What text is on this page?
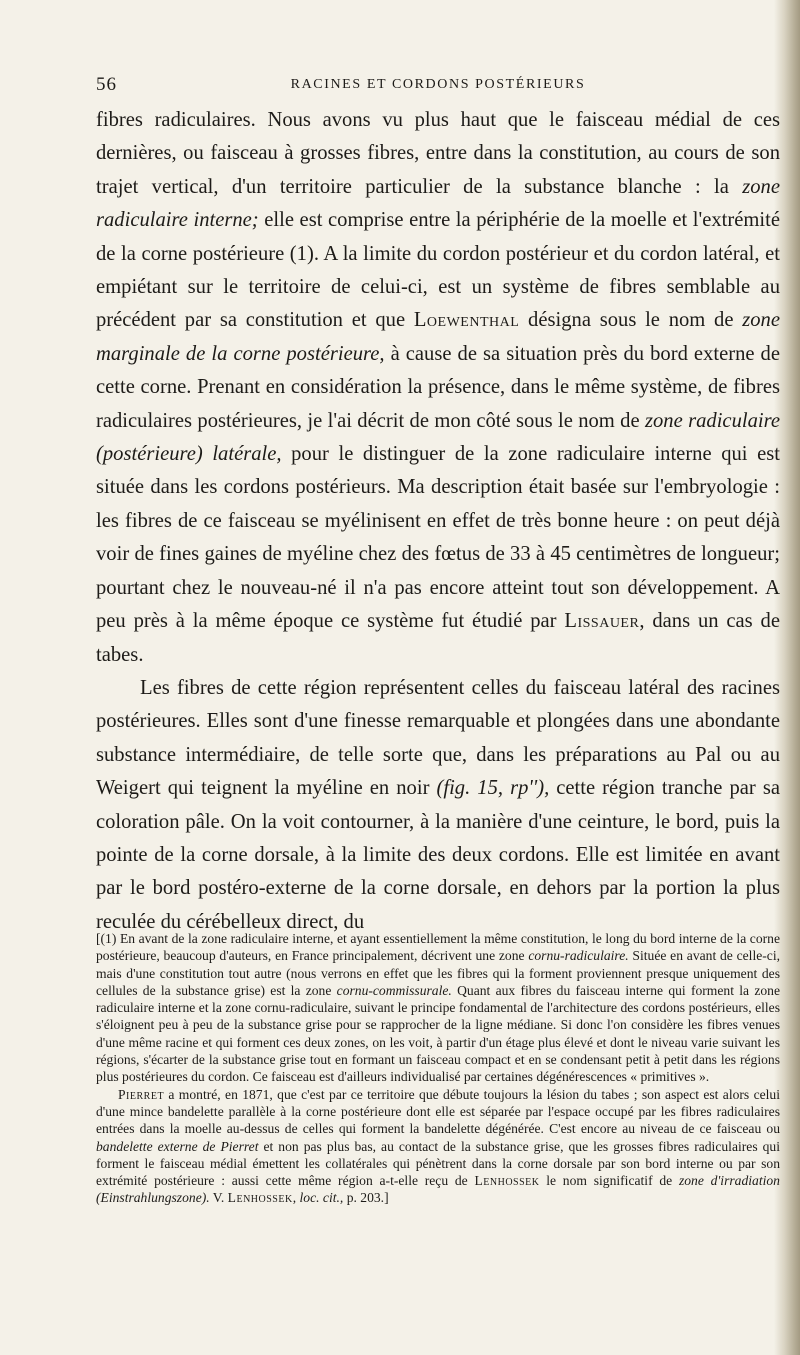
56	RACINES ET CORDONS POSTÉRIEURS

fibres radiculaires. Nous avons vu plus haut que le faisceau médial de ces dernières, ou faisceau à grosses fibres, entre dans la constitution, au cours de son trajet vertical, d'un territoire particulier de la substance blanche : la zone radiculaire interne; elle est comprise entre la périphérie de la moelle et l'extrémité de la corne postérieure (1). A la limite du cordon postérieur et du cordon latéral, et empiétant sur le territoire de celui-ci, est un système de fibres semblable au précédent par sa constitution et que Loewenthal désigna sous le nom de zone marginale de la corne postérieure, à cause de sa situation près du bord externe de cette corne. Prenant en considération la présence, dans le même système, de fibres radiculaires postérieures, je l'ai décrit de mon côté sous le nom de zone radiculaire (postérieure) latérale, pour le distinguer de la zone radiculaire interne qui est située dans les cordons postérieurs. Ma description était basée sur l'embryologie : les fibres de ce faisceau se myélinisent en effet de très bonne heure : on peut déjà voir de fines gaines de myéline chez des fœtus de 33 à 45 centimètres de longueur; pourtant chez le nouveau-né il n'a pas encore atteint tout son développement. A peu près à la même époque ce système fut étudié par Lissauer, dans un cas de tabes.

Les fibres de cette région représentent celles du faisceau latéral des racines postérieures. Elles sont d'une finesse remarquable et plongées dans une abondante substance intermédiaire, de telle sorte que, dans les préparations au Pal ou au Weigert qui teignent la myéline en noir (fig. 15, rp''), cette région tranche par sa coloration pâle. On la voit contourner, à la manière d'une ceinture, le bord, puis la pointe de la corne dorsale, à la limite des deux cordons. Elle est limitée en avant par le bord postéro-externe de la corne dorsale, en dehors par la portion la plus reculée du cérébelleux direct, du

[(1) En avant de la zone radiculaire interne, et ayant essentiellement la même constitution, le long du bord interne de la corne postérieure, beaucoup d'auteurs, en France principalement, décrivent une zone cornu-radiculaire. Située en avant de celle-ci, mais d'une constitution tout autre (nous verrons en effet que les fibres qui la forment proviennent presque uniquement des cellules de la substance grise) est la zone cornu-commissurale. Quant aux fibres du faisceau interne qui forment la zone radiculaire interne et la zone cornu-radiculaire, suivant le principe fondamental de l'architecture des cordons postérieurs, elles s'éloignent peu à peu de la substance grise pour se rapprocher de la ligne médiane. Si donc l'on considère les fibres venues d'une même racine et qui forment ces deux zones, on les voit, à partir d'un étage plus élevé et dont le niveau varie suivant les régions, s'écarter de la substance grise tout en formant un faisceau compact et en se condensant petit à petit dans les régions plus postérieures du cordon. Ce faisceau est d'ailleurs individualisé par certaines dégénérescences « primitives ».

Pierret a montré, en 1871, que c'est par ce territoire que débute toujours la lésion du tabes ; son aspect est alors celui d'une mince bandelette parallèle à la corne postérieure dont elle est séparée par l'espace occupé par les fibres radiculaires entrées dans la moelle au-dessus de celles qui forment la bandelette dégénérée. C'est encore au niveau de ce faisceau ou bandelette externe de Pierret et non pas plus bas, au contact de la substance grise, que les grosses fibres radiculaires qui forment le faisceau médial émettent les collatérales qui pénètrent dans la corne dorsale par son bord interne ou par son extrémité postérieure : aussi cette même région a-t-elle reçu de Lenhossek le nom significatif de zone d'irradiation (Einstrahlungszone). V. Lenhossek, loc. cit., p. 203.]
